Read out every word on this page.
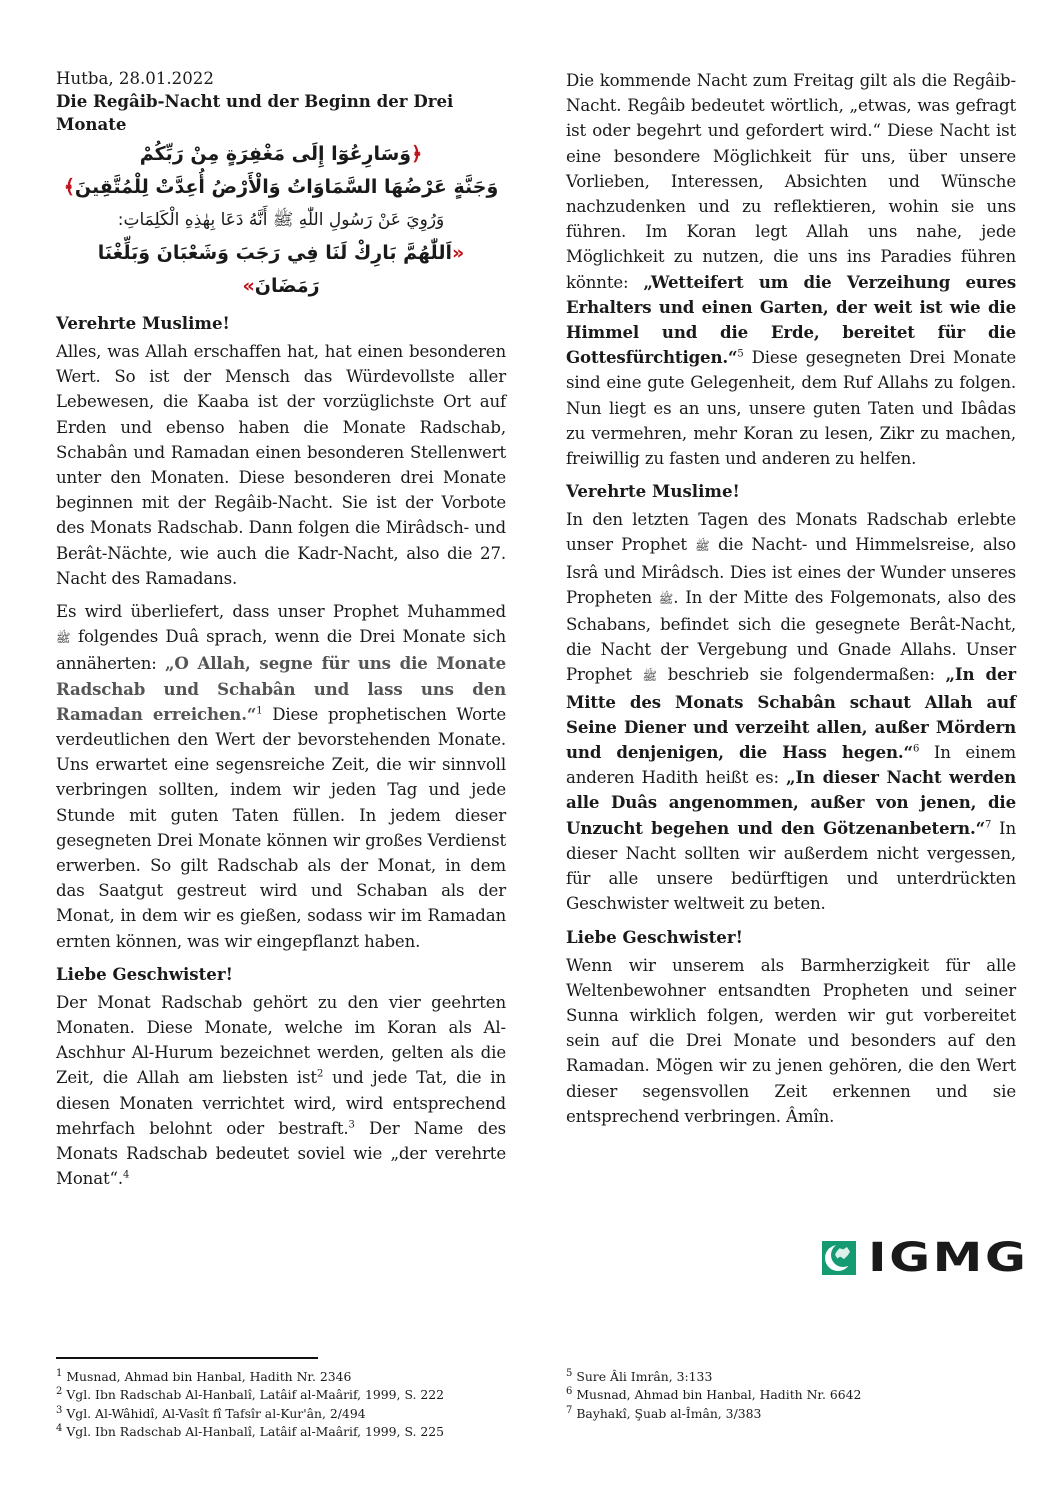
Hutba, 28.01.2022
Die Regâib-Nacht und der Beginn der Drei Monate
﴿وَسَارِعُوٓا إِلَى مَغْفِرَةٍ مِنْ رَبِّكُمْ
وَجَنَّةٍ عَرْضُهَا السَّمَاوَاتُ وَالْأَرْضُ أُعِدَّتْ لِلْمُتَّقِينَ﴾
وَرُوِيَ عَنْ رَسُولِ اللّٰهِ ﷺ أَنَّهُ دَعَا بِهٰذِهِ الْكَلِمَاتِ:
«اَللّٰهُمَّ بَارِكْ لَنَا فِي رَجَبَ وَشَعْبَانَ وَبَلِّغْنَا رَمَضَانَ»
Verehrte Muslime!

Alles, was Allah erschaffen hat, hat einen besonderen Wert. So ist der Mensch das Würdevollste aller Lebewesen, die Kaaba ist der vorzüglichste Ort auf Erden und ebenso haben die Monate Radschab, Schabân und Ramadan einen besonderen Stellenwert unter den Monaten. Diese besonderen drei Monate beginnen mit der Regâib-Nacht. Sie ist der Vorbote des Monats Radschab. Dann folgen die Mirâdsch- und Berât-Nächte, wie auch die Kadr-Nacht, also die 27. Nacht des Ramadans.

Es wird überliefert, dass unser Prophet Muhammed ﷺ folgendes Duâ sprach, wenn die Drei Monate sich annäherten: „O Allah, segne für uns die Monate Radschab und Schabân und lass uns den Ramadan erreichen.“$^1$ Diese prophetischen Worte verdeutlichen den Wert der bevorstehenden Monate. Uns erwartet eine segensreiche Zeit, die wir sinnvoll verbringen sollten, indem wir jeden Tag und jede Stunde mit guten Taten füllen. In jedem dieser gesegneten Drei Monate können wir großes Verdienst erwerben. So gilt Radschab als der Monat, in dem das Saatgut gestreut wird und Schaban als der Monat, in dem wir es gießen, sodass wir im Ramadan ernten können, was wir eingepflanzt haben.

Liebe Geschwister!

Der Monat Radschab gehört zu den vier geehrten Monaten. Diese Monate, welche im Koran als Al-Aschhur Al-Hurum bezeichnet werden, gelten als die Zeit, die Allah am liebsten ist$^2$ und jede Tat, die in diesen Monaten verrichtet wird, wird entsprechend mehrfach belohnt oder bestraft.$^3$ Der Name des Monats Radschab bedeutet soviel wie „der verehrte Monat“.$^4$

Die kommende Nacht zum Freitag gilt als die Regâib-Nacht. Regâib bedeutet wörtlich, „etwas, was gefragt ist oder begehrt und gefordert wird.“ Diese Nacht ist eine besondere Möglichkeit für uns, über unsere Vorlieben, Interessen, Absichten und Wünsche nachzudenken und zu reflektieren, wohin sie uns führen. Im Koran legt Allah uns nahe, jede Möglichkeit zu nutzen, die uns ins Paradies führen könnte: „Wetteifert um die Verzeihung eures Erhalters und einen Garten, der weit ist wie die Himmel und die Erde, bereitet für die Gottesfürchtigen.“$^5$ Diese gesegneten Drei Monate sind eine gute Gelegenheit, dem Ruf Allahs zu folgen. Nun liegt es an uns, unsere guten Taten und Ibâdas zu vermehren, mehr Koran zu lesen, Zikr zu machen, freiwillig zu fasten und anderen zu helfen.

Verehrte Muslime!

In den letzten Tagen des Monats Radschab erlebte unser Prophet ﷺ die Nacht- und Himmelsreise, also Isrâ und Mirâdsch. Dies ist eines der Wunder unseres Propheten ﷺ. In der Mitte des Folgemonats, also des Schabans, befindet sich die gesegnete Berât-Nacht, die Nacht der Vergebung und Gnade Allahs. Unser Prophet ﷺ beschrieb sie folgendermaßen: „In der Mitte des Monats Schabân schaut Allah auf Seine Diener und verzeiht allen, außer Mördern und denjenigen, die Hass hegen.“$^6$ In einem anderen Hadith heißt es: „In dieser Nacht werden alle Duâs angenommen, außer von jenen, die Unzucht begehen und den Götzenanbetern.“$^7$ In dieser Nacht sollten wir außerdem nicht vergessen, für alle unsere bedürftigen und unterdrückten Geschwister weltweit zu beten.

Liebe Geschwister!

Wenn wir unserem als Barmherzigkeit für alle Weltenbewohner entsandten Propheten und seiner Sunna wirklich folgen, werden wir gut vorbereitet sein auf die Drei Monate und besonders auf den Ramadan. Mögen wir zu jenen gehören, die den Wert dieser segensvollen Zeit erkennen und sie entsprechend verbringen. Âmîn.

IGMG
$^1$ Musnad, Ahmad bin Hanbal, Hadith Nr. 2346
$^2$ Vgl. Ibn Radschab Al-Hanbalî, Latâif al-Maârif, 1999, S. 222
$^3$ Vgl. Al-Wâhidî, Al-Vasît fî Tafsîr al-Kur'ân, 2/494
$^4$ Vgl. Ibn Radschab Al-Hanbalî, Latâif al-Maârif, 1999, S. 225
$^5$ Sure Âli Imrân, 3:133
$^6$ Musnad, Ahmad bin Hanbal, Hadith Nr. 6642
$^7$ Bayhakî, Şuab al-Îmân, 3/383
